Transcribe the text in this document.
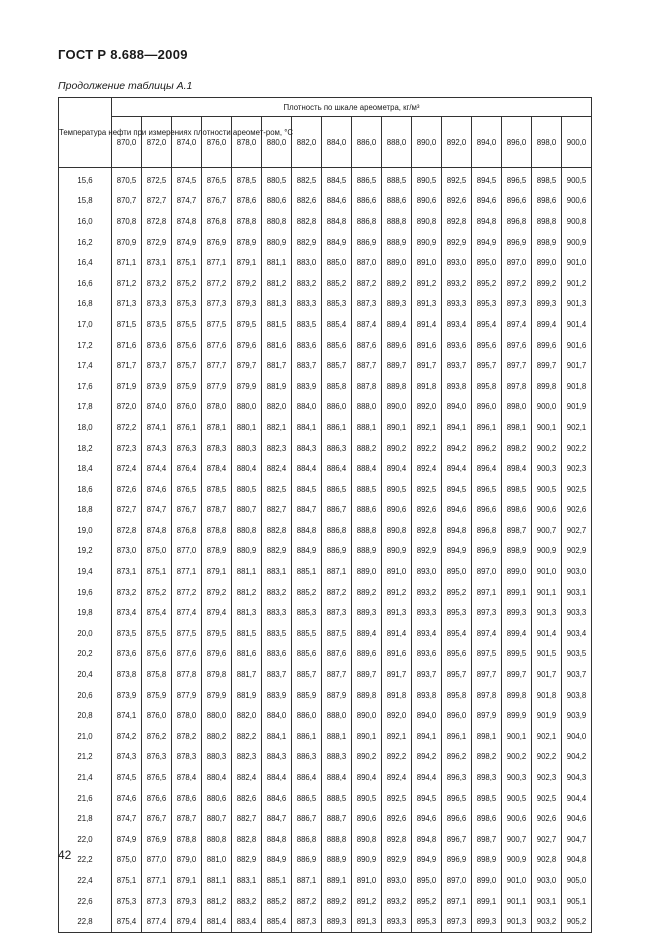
ГОСТ Р 8.688—2009
Продолжение таблицы А.1
Температура нефти при измерениях плотности ареомет-ром, °С	Плотность по шкале ареометра, кг/м³															
	870,0	872,0	874,0	876,0	878,0	880,0	882,0	884,0	886,0	888,0	890,0	892,0	894,0	896,0	898,0	900,0
15,6	870,5	872,5	874,5	876,5	878,5	880,5	882,5	884,5	886,5	888,5	890,5	892,5	894,5	896,5	898,5	900,5
15,8	870,7	872,7	874,7	876,7	878,6	880,6	882,6	884,6	886,6	888,6	890,6	892,6	894,6	896,6	898,6	900,6
16,0	870,8	872,8	874,8	876,8	878,8	880,8	882,8	884,8	886,8	888,8	890,8	892,8	894,8	896,8	898,8	900,8
16,2	870,9	872,9	874,9	876,9	878,9	880,9	882,9	884,9	886,9	888,9	890,9	892,9	894,9	896,9	898,9	900,9
16,4	871,1	873,1	875,1	877,1	879,1	881,1	883,0	885,0	887,0	889,0	891,0	893,0	895,0	897,0	899,0	901,0
16,6	871,2	873,2	875,2	877,2	879,2	881,2	883,2	885,2	887,2	889,2	891,2	893,2	895,2	897,2	899,2	901,2
16,8	871,3	873,3	875,3	877,3	879,3	881,3	883,3	885,3	887,3	889,3	891,3	893,3	895,3	897,3	899,3	901,3
17,0	871,5	873,5	875,5	877,5	879,5	881,5	883,5	885,4	887,4	889,4	891,4	893,4	895,4	897,4	899,4	901,4
17,2	871,6	873,6	875,6	877,6	879,6	881,6	883,6	885,6	887,6	889,6	891,6	893,6	895,6	897,6	899,6	901,6
17,4	871,7	873,7	875,7	877,7	879,7	881,7	883,7	885,7	887,7	889,7	891,7	893,7	895,7	897,7	899,7	901,7
17,6	871,9	873,9	875,9	877,9	879,9	881,9	883,9	885,8	887,8	889,8	891,8	893,8	895,8	897,8	899,8	901,8
17,8	872,0	874,0	876,0	878,0	880,0	882,0	884,0	886,0	888,0	890,0	892,0	894,0	896,0	898,0	900,0	901,9
18,0	872,2	874,1	876,1	878,1	880,1	882,1	884,1	886,1	888,1	890,1	892,1	894,1	896,1	898,1	900,1	902,1
18,2	872,3	874,3	876,3	878,3	880,3	882,3	884,3	886,3	888,2	890,2	892,2	894,2	896,2	898,2	900,2	902,2
18,4	872,4	874,4	876,4	878,4	880,4	882,4	884,4	886,4	888,4	890,4	892,4	894,4	896,4	898,4	900,3	902,3
18,6	872,6	874,6	876,5	878,5	880,5	882,5	884,5	886,5	888,5	890,5	892,5	894,5	896,5	898,5	900,5	902,5
18,8	872,7	874,7	876,7	878,7	880,7	882,7	884,7	886,7	888,6	890,6	892,6	894,6	896,6	898,6	900,6	902,6
19,0	872,8	874,8	876,8	878,8	880,8	882,8	884,8	886,8	888,8	890,8	892,8	894,8	896,8	898,7	900,7	902,7
19,2	873,0	875,0	877,0	878,9	880,9	882,9	884,9	886,9	888,9	890,9	892,9	894,9	896,9	898,9	900,9	902,9
19,4	873,1	875,1	877,1	879,1	881,1	883,1	885,1	887,1	889,0	891,0	893,0	895,0	897,0	899,0	901,0	903,0
19,6	873,2	875,2	877,2	879,2	881,2	883,2	885,2	887,2	889,2	891,2	893,2	895,2	897,1	899,1	901,1	903,1
19,8	873,4	875,4	877,4	879,4	881,3	883,3	885,3	887,3	889,3	891,3	893,3	895,3	897,3	899,3	901,3	903,3
20,0	873,5	875,5	877,5	879,5	881,5	883,5	885,5	887,5	889,4	891,4	893,4	895,4	897,4	899,4	901,4	903,4
20,2	873,6	875,6	877,6	879,6	881,6	883,6	885,6	887,6	889,6	891,6	893,6	895,6	897,5	899,5	901,5	903,5
20,4	873,8	875,8	877,8	879,8	881,7	883,7	885,7	887,7	889,7	891,7	893,7	895,7	897,7	899,7	901,7	903,7
20,6	873,9	875,9	877,9	879,9	881,9	883,9	885,9	887,9	889,8	891,8	893,8	895,8	897,8	899,8	901,8	903,8
20,8	874,1	876,0	878,0	880,0	882,0	884,0	886,0	888,0	890,0	892,0	894,0	896,0	897,9	899,9	901,9	903,9
21,0	874,2	876,2	878,2	880,2	882,2	884,1	886,1	888,1	890,1	892,1	894,1	896,1	898,1	900,1	902,1	904,0
21,2	874,3	876,3	878,3	880,3	882,3	884,3	886,3	888,3	890,2	892,2	894,2	896,2	898,2	900,2	902,2	904,2
21,4	874,5	876,5	878,4	880,4	882,4	884,4	886,4	888,4	890,4	892,4	894,4	896,3	898,3	900,3	902,3	904,3
21,6	874,6	876,6	878,6	880,6	882,6	884,6	886,5	888,5	890,5	892,5	894,5	896,5	898,5	900,5	902,5	904,4
21,8	874,7	876,7	878,7	880,7	882,7	884,7	886,7	888,7	890,6	892,6	894,6	896,6	898,6	900,6	902,6	904,6
22,0	874,9	876,9	878,8	880,8	882,8	884,8	886,8	888,8	890,8	892,8	894,8	896,7	898,7	900,7	902,7	904,7
22,2	875,0	877,0	879,0	881,0	882,9	884,9	886,9	888,9	890,9	892,9	894,9	896,9	898,9	900,9	902,8	904,8
22,4	875,1	877,1	879,1	881,1	883,1	885,1	887,1	889,1	891,0	893,0	895,0	897,0	899,0	901,0	903,0	905,0
22,6	875,3	877,3	879,3	881,2	883,2	885,2	887,2	889,2	891,2	893,2	895,2	897,1	899,1	901,1	903,1	905,1
22,8	875,4	877,4	879,4	881,4	883,4	885,4	887,3	889,3	891,3	893,3	895,3	897,3	899,3	901,3	903,2	905,2
42
